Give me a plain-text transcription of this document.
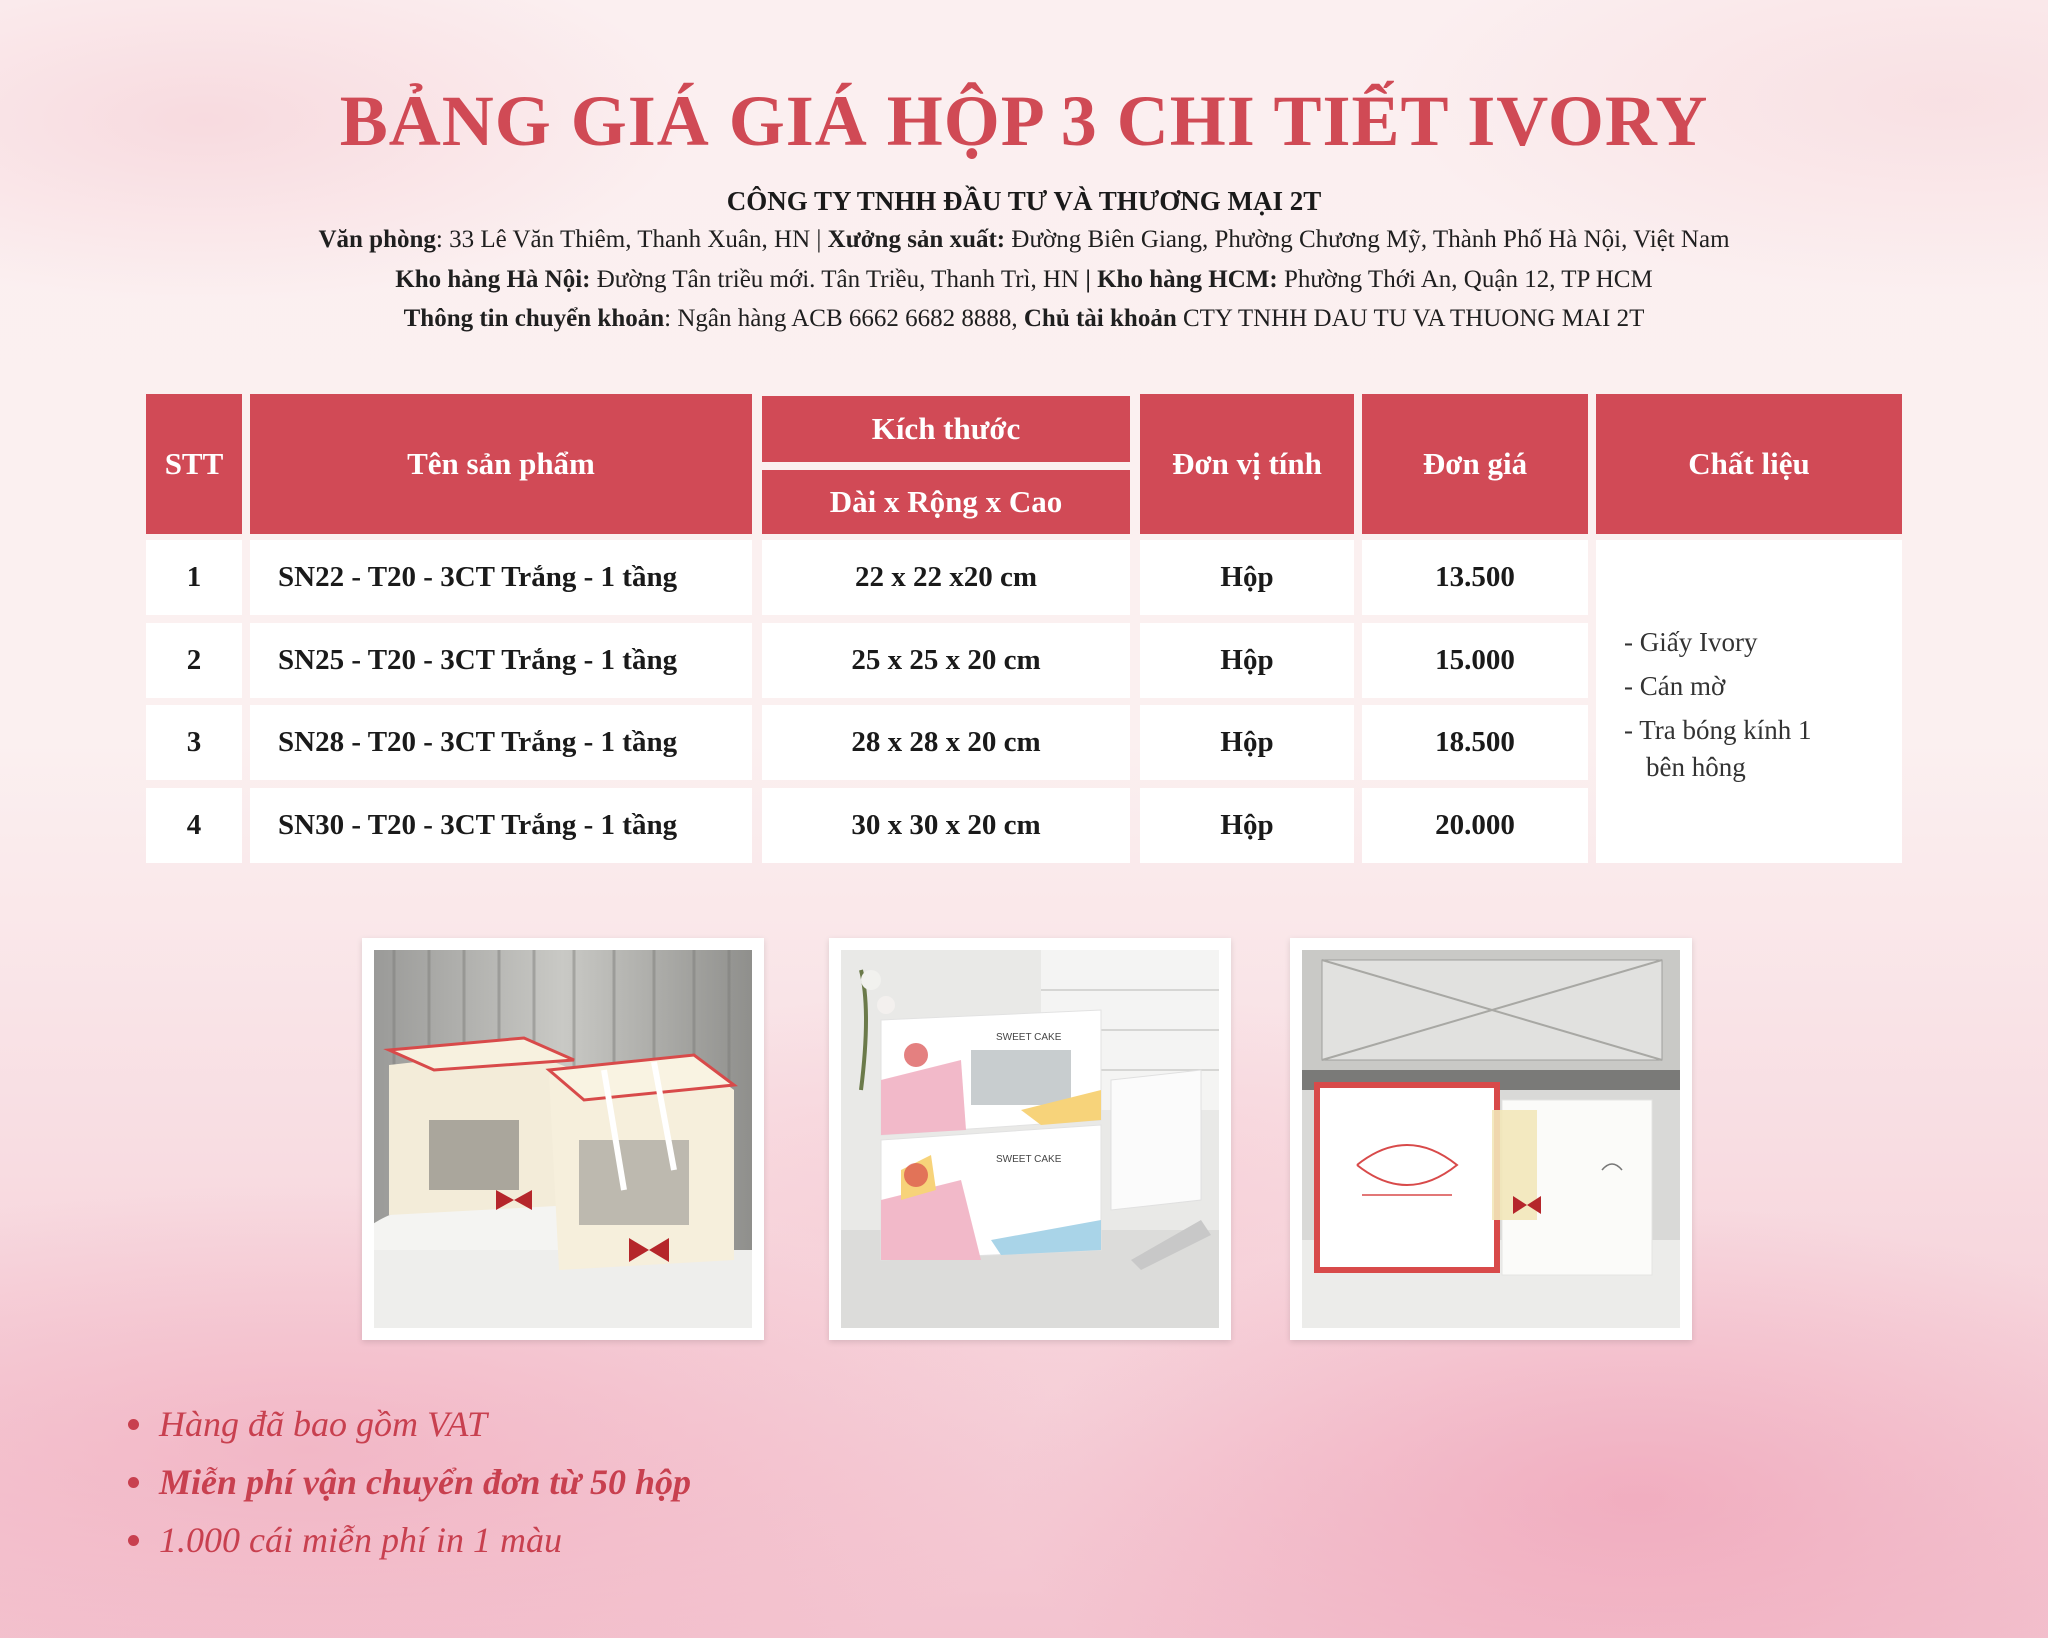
BẢNG GIÁ GIÁ HỘP 3 CHI TIẾT IVORY
CÔNG TY TNHH ĐẦU TƯ VÀ THƯƠNG MẠI 2T
Văn phòng: 33 Lê Văn Thiêm, Thanh Xuân, HN | Xưởng sản xuất: Đường Biên Giang, Phường Chương Mỹ, Thành Phố Hà Nội, Việt Nam
Kho hàng Hà Nội: Đường Tân triều mới. Tân Triều, Thanh Trì, HN | Kho hàng HCM: Phường Thới An, Quận 12, TP HCM
Thông tin chuyển khoản: Ngân hàng ACB 6662 6682 8888, Chủ tài khoản CTY TNHH DAU TU VA THUONG MAI 2T
STT	Tên sản phẩm
Kích thước
Dài x Rộng x Cao
Đơn vị tính	Đơn giá	Chất liệu
1	SN22 - T20 - 3CT Trắng - 1 tầng	22 x 22 x20 cm	Hộp	13.500
2	SN25 - T20 - 3CT Trắng - 1 tầng	25 x 25 x 20 cm	Hộp	15.000
3	SN28 - T20 - 3CT Trắng - 1 tầng	28 x 28 x 20 cm	Hộp	18.500
4	SN30 - T20 - 3CT Trắng - 1 tầng	30 x 30 x 20 cm	Hộp	20.000
- Giấy Ivory
- Cán mờ
- Tra bóng kính 1
bên hông
SWEET CAKE
SWEET CAKE
Hàng đã bao gồm VAT
Miễn phí vận chuyển đơn từ 50 hộp
1.000 cái miễn phí in 1 màu
